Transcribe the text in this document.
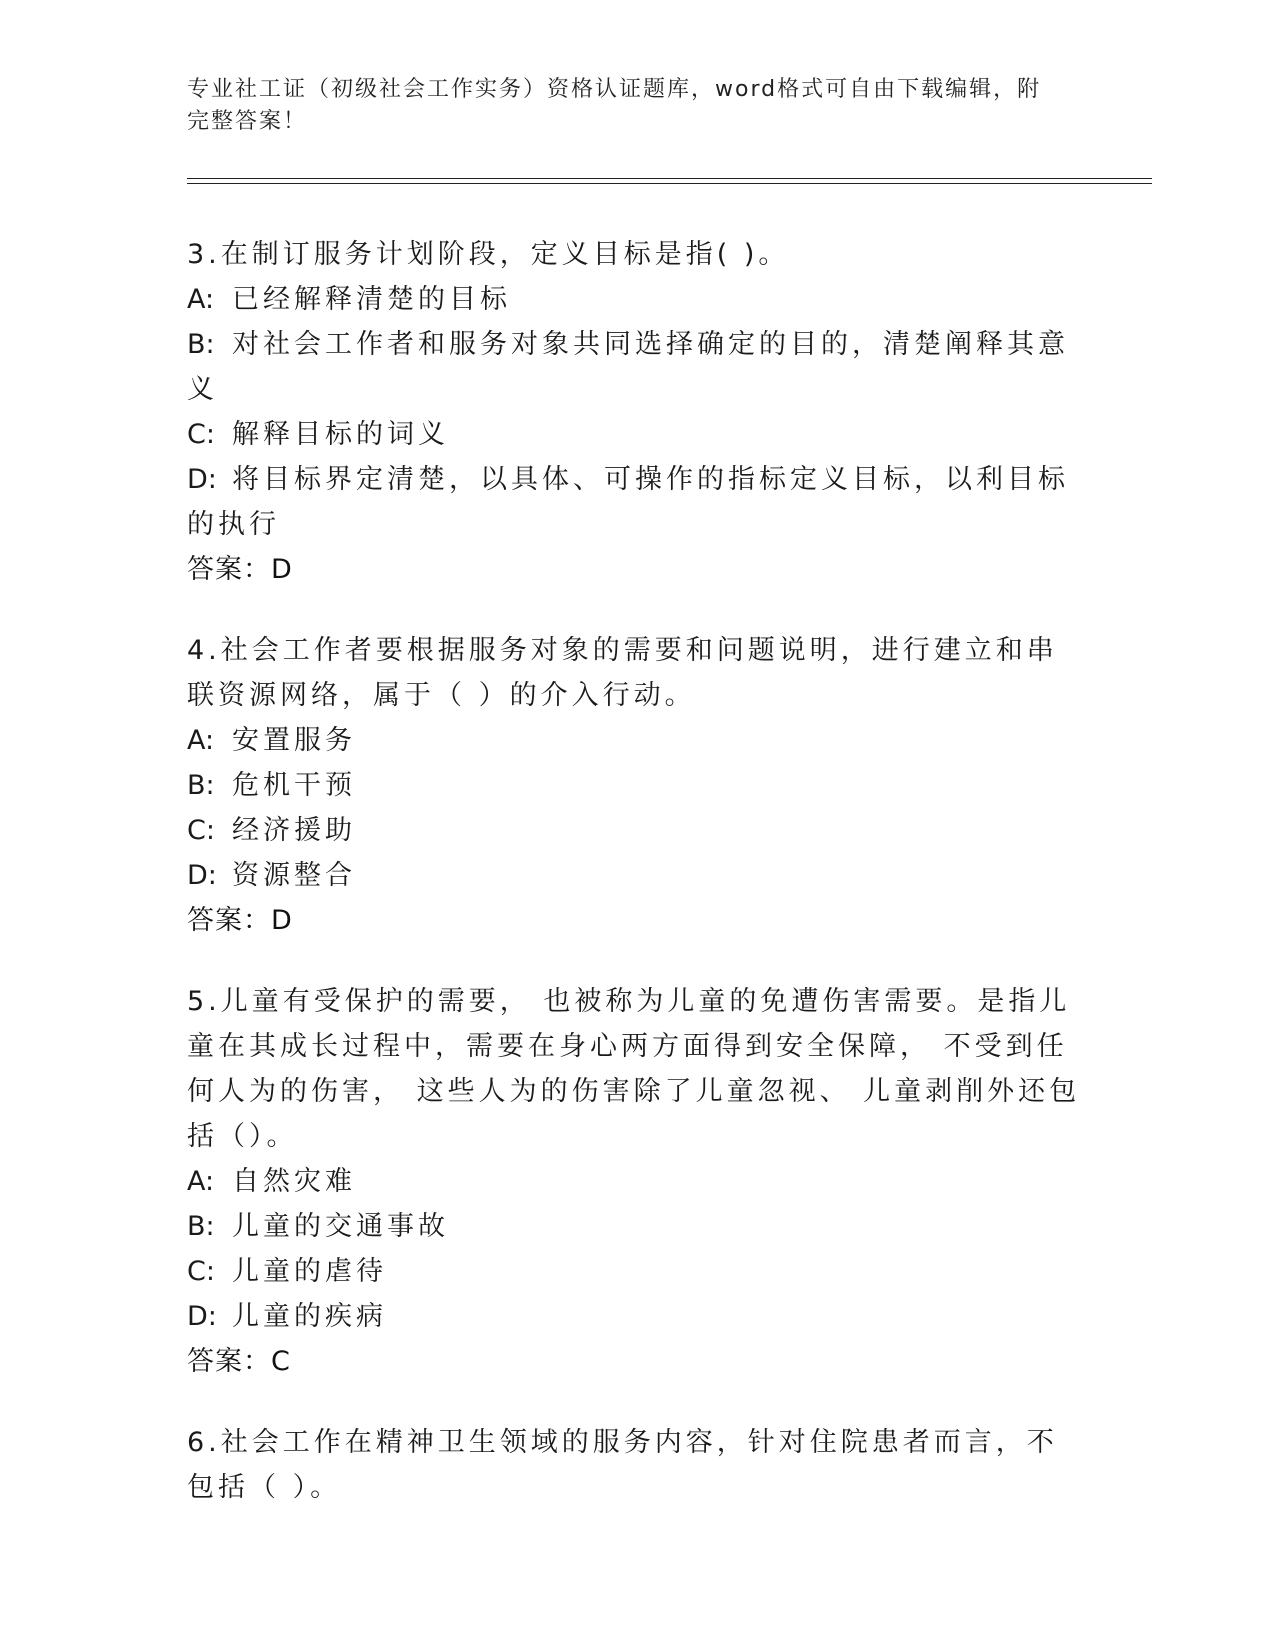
专业社工证（初级社会工作实务）资格认证题库，word格式可自由下载编辑，附
完整答案！
3.在制订服务计划阶段，定义目标是指( )。
A: 已经解释清楚的目标
B: 对社会工作者和服务对象共同选择确定的目的，清楚阐释其意义
C: 解释目标的词义
D: 将目标界定清楚，以具体、可操作的指标定义目标，以利目标的执行
答案：D
4.社会工作者要根据服务对象的需要和问题说明，进行建立和串联资源网络，属于（ ）的介入行动。
A: 安置服务
B: 危机干预
C: 经济援助
D: 资源整合
答案：D
5.儿童有受保护的需要， 也被称为儿童的免遭伤害需要。是指儿童在其成长过程中，需要在身心两方面得到安全保障， 不受到任何人为的伤害， 这些人为的伤害除了儿童忽视、 儿童剥削外还包括（）。
A: 自然灾难
B: 儿童的交通事故
C: 儿童的虐待
D: 儿童的疾病
答案：C
6.社会工作在精神卫生领域的服务内容，针对住院患者而言，不包括（ ）。
